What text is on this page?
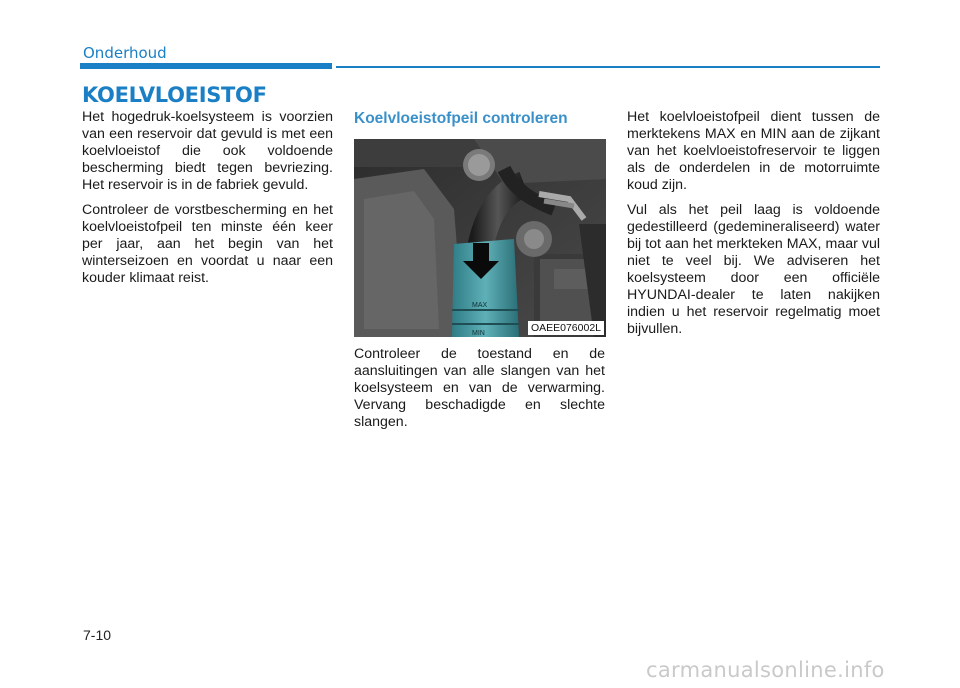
Onderhoud
KOELVLOEISTOF

Het hogedruk-koelsysteem is voorzien van een reservoir dat gevuld is met een koelvloeistof die ook voldoende bescherming biedt tegen bevriezing. Het reservoir is in de fabriek gevuld.

Controleer de vorstbescherming en het koelvloeistofpeil ten minste één keer per jaar, aan het begin van het winterseizoen en voordat u naar een kouder klimaat reist.

Koelvloeistofpeil controleren
MAX
MIN	OAEE076002L

Controleer de toestand en de aansluitingen van alle slangen van het koelsysteem en van de verwarming. Vervang beschadigde en slechte slangen.

Het koelvloeistofpeil dient tussen de merktekens MAX en MIN aan de zijkant van het koelvloeistofreservoir te liggen als de onderdelen in de motorruimte koud zijn.

Vul als het peil laag is voldoende gedestilleerd (gedemineraliseerd) water bij tot aan het merkteken MAX, maar vul niet te veel bij. We adviseren het koelsysteem door een officiële HYUNDAI-dealer te laten nakijken indien u het reservoir regelmatig moet bijvullen.

7-10
carmanualsonline.info
